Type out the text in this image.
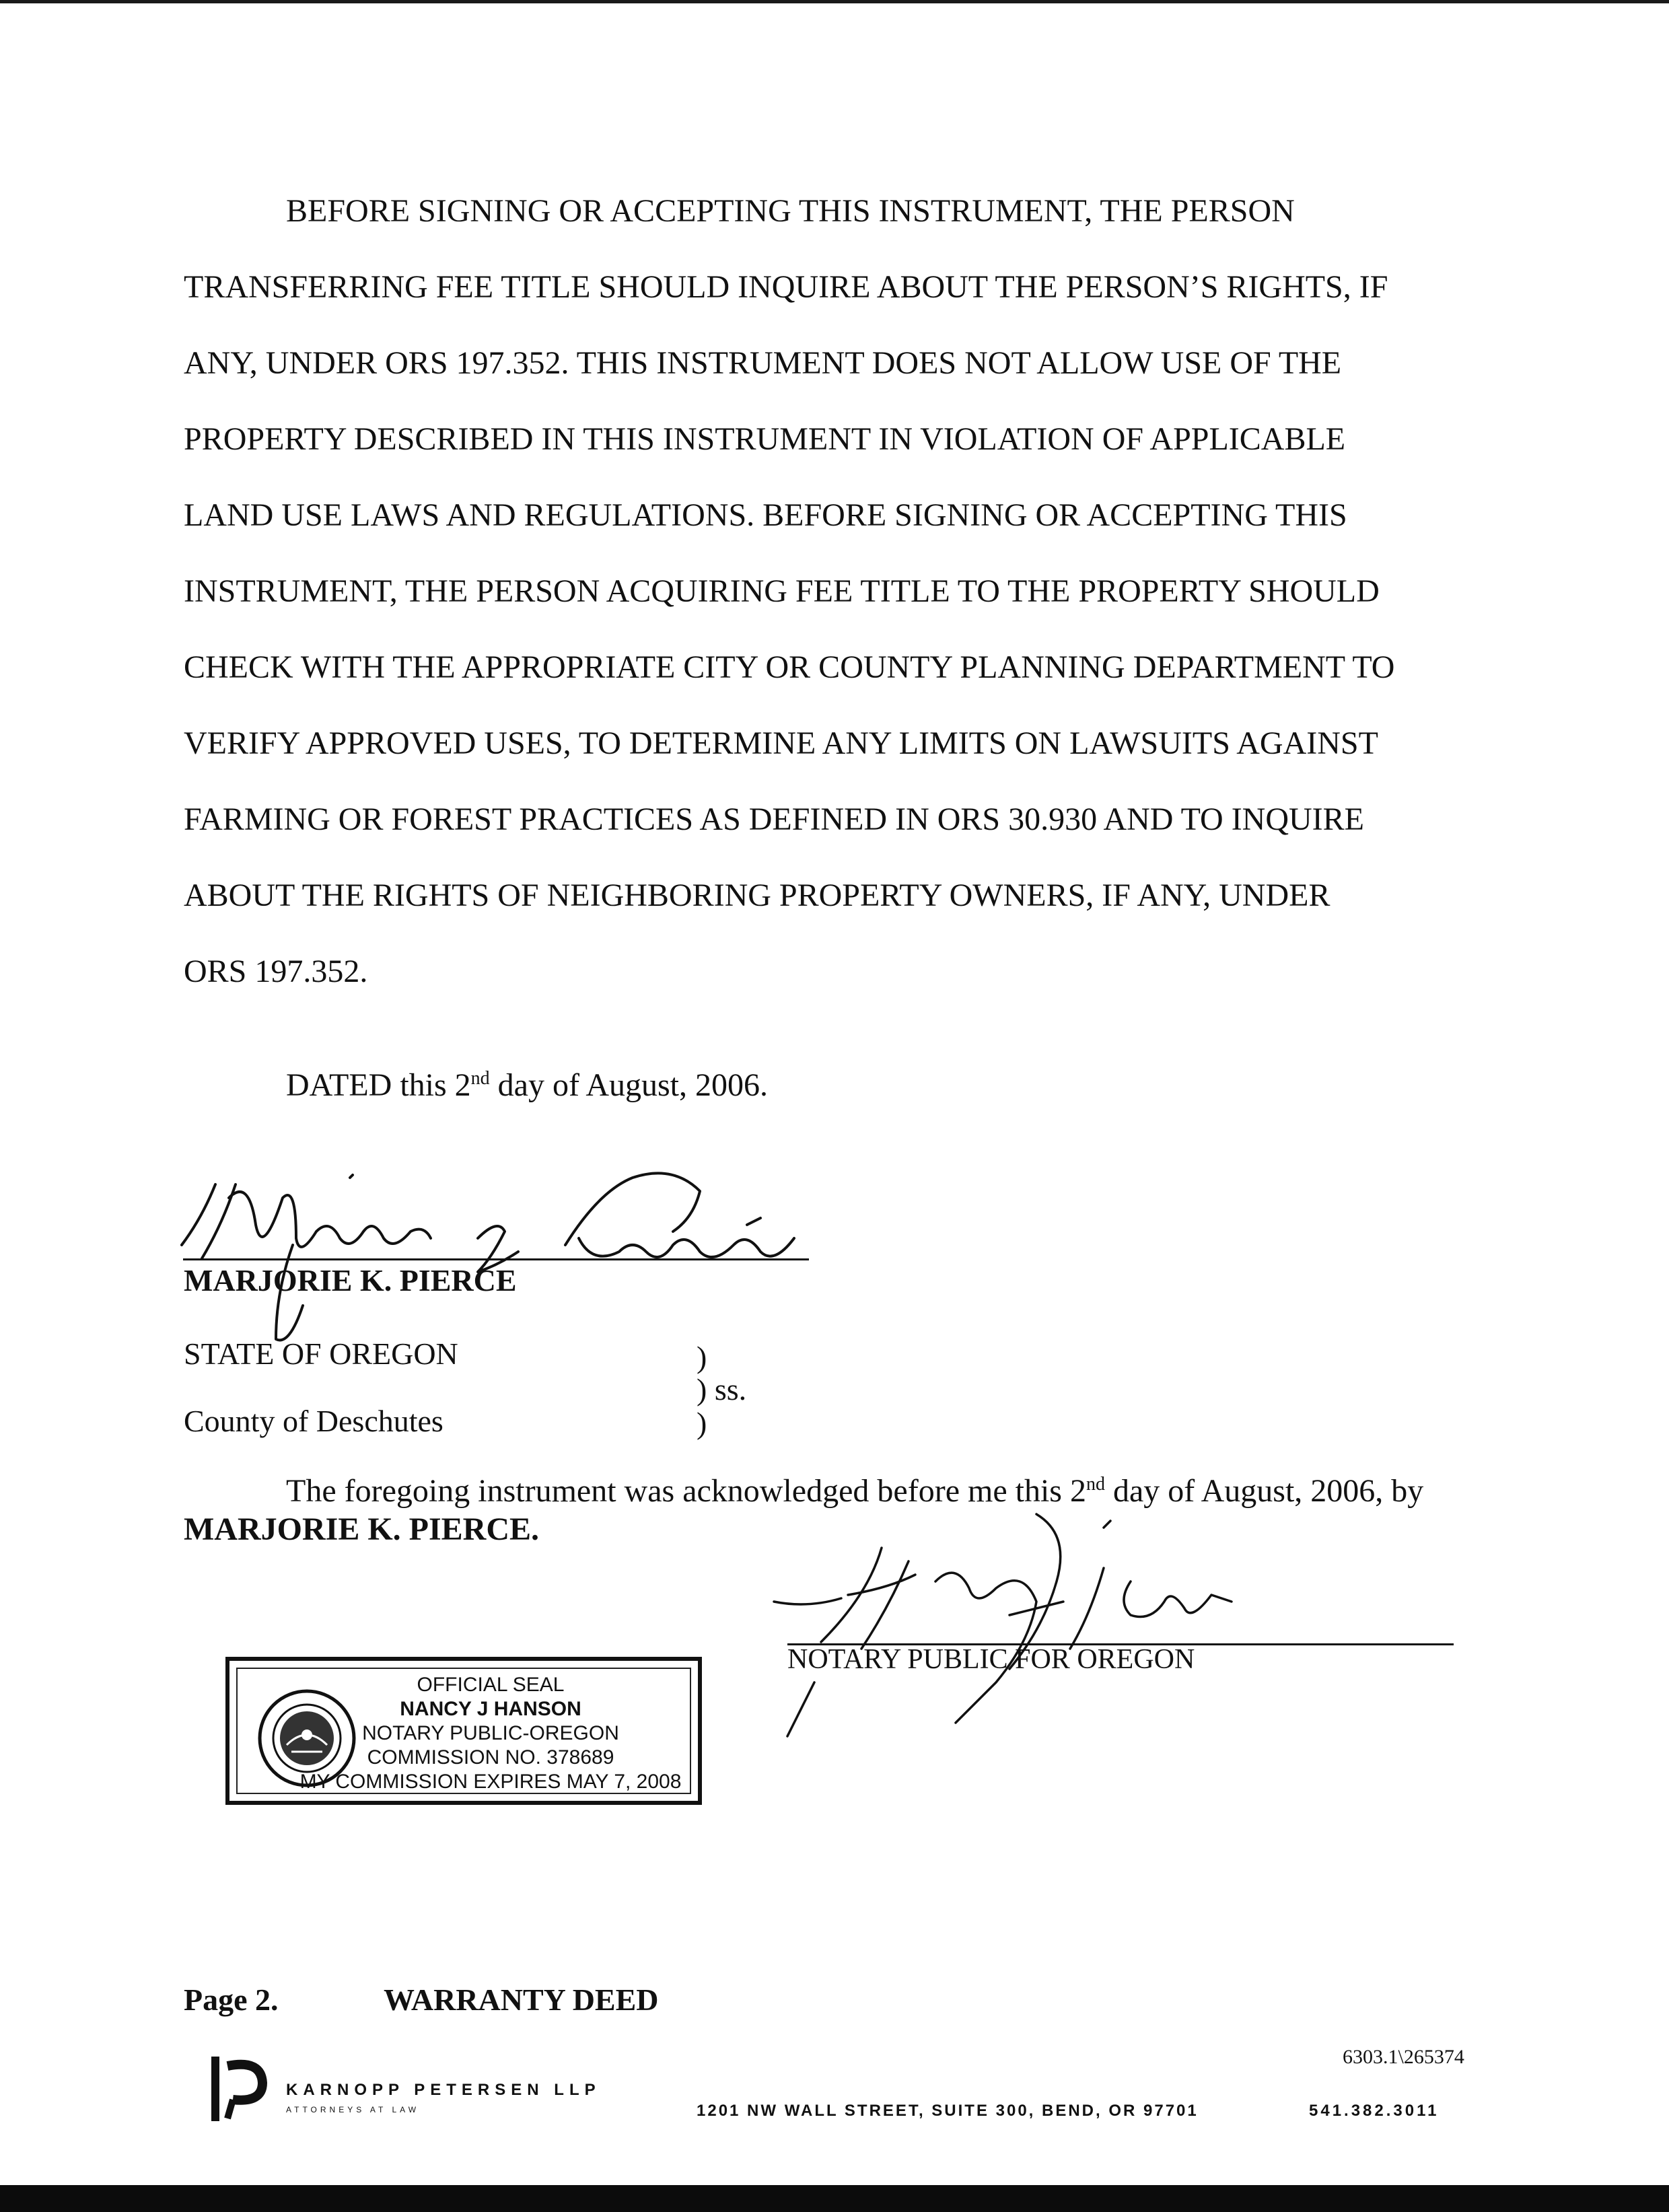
BEFORE SIGNING OR ACCEPTING THIS INSTRUMENT, THE PERSON
TRANSFERRING FEE TITLE SHOULD INQUIRE ABOUT THE PERSON’S RIGHTS, IF
ANY, UNDER ORS 197.352. THIS INSTRUMENT DOES NOT ALLOW USE OF THE
PROPERTY DESCRIBED IN THIS INSTRUMENT IN VIOLATION OF APPLICABLE
LAND USE LAWS AND REGULATIONS. BEFORE SIGNING OR ACCEPTING THIS
INSTRUMENT, THE PERSON ACQUIRING FEE TITLE TO THE PROPERTY SHOULD
CHECK WITH THE APPROPRIATE CITY OR COUNTY PLANNING DEPARTMENT TO
VERIFY APPROVED USES, TO DETERMINE ANY LIMITS ON LAWSUITS AGAINST
FARMING OR FOREST PRACTICES AS DEFINED IN ORS 30.930 AND TO INQUIRE
ABOUT THE RIGHTS OF NEIGHBORING PROPERTY OWNERS, IF ANY, UNDER
ORS 197.352.
DATED this 2nd day of August, 2006.
MARJORIE K. PIERCE
STATE OF OREGON
County of Deschutes
)
) ss.
)
The foregoing instrument was acknowledged before me this 2nd day of August, 2006, by
MARJORIE K. PIERCE.
NOTARY PUBLIC FOR OREGON
OFFICIAL SEAL
NANCY J HANSON
NOTARY PUBLIC-OREGON
COMMISSION NO. 378689
MY COMMISSION EXPIRES MAY 7, 2008
Page 2.	WARRANTY DEED
6303.1\265374
KARNOPP PETERSEN LLP
ATTORNEYS AT LAW	1201 NW WALL STREET, SUITE 300, BEND, OR 97701	541.382.3011
